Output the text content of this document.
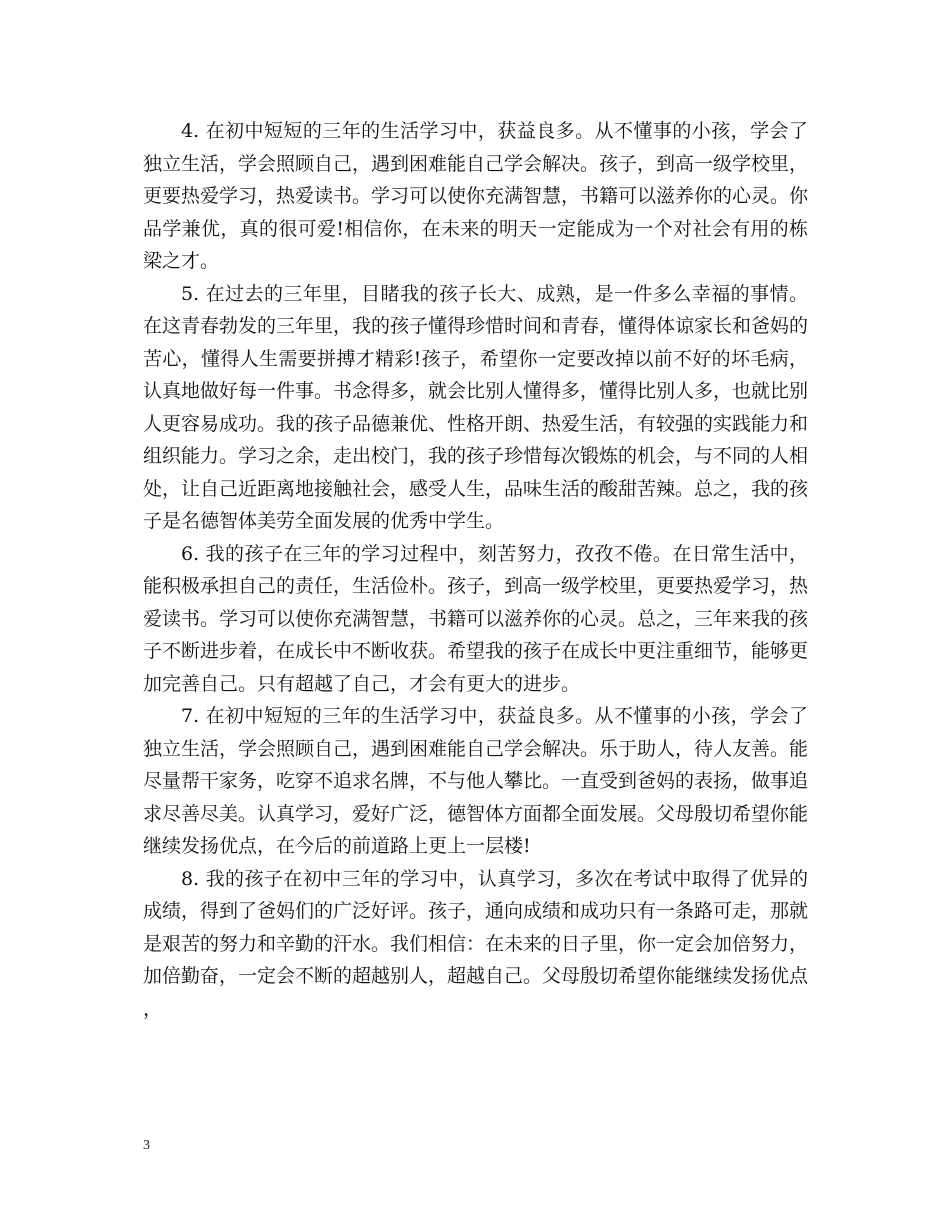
4. 在初中短短的三年的生活学习中，获益良多。从不懂事的小孩，学会了独立生活，学会照顾自己，遇到困难能自己学会解决。孩子，到高一级学校里，更要热爱学习，热爱读书。学习可以使你充满智慧，书籍可以滋养你的心灵。你品学兼优，真的很可爱!相信你，在未来的明天一定能成为一个对社会有用的栋梁之才。

5. 在过去的三年里，目睹我的孩子长大、成熟，是一件多么幸福的事情。在这青春勃发的三年里，我的孩子懂得珍惜时间和青春，懂得体谅家长和爸妈的苦心，懂得人生需要拼搏才精彩!孩子，希望你一定要改掉以前不好的坏毛病，认真地做好每一件事。书念得多，就会比别人懂得多，懂得比别人多，也就比别人更容易成功。我的孩子品德兼优、性格开朗、热爱生活，有较强的实践能力和组织能力。学习之余，走出校门，我的孩子珍惜每次锻炼的机会，与不同的人相处，让自己近距离地接触社会，感受人生，品味生活的酸甜苦辣。总之，我的孩子是名德智体美劳全面发展的优秀中学生。

6. 我的孩子在三年的学习过程中，刻苦努力，孜孜不倦。在日常生活中，能积极承担自己的责任，生活俭朴。孩子，到高一级学校里，更要热爱学习，热爱读书。学习可以使你充满智慧，书籍可以滋养你的心灵。总之，三年来我的孩子不断进步着，在成长中不断收获。希望我的孩子在成长中更注重细节，能够更加完善自己。只有超越了自己，才会有更大的进步。

7. 在初中短短的三年的生活学习中，获益良多。从不懂事的小孩，学会了独立生活，学会照顾自己，遇到困难能自己学会解决。乐于助人，待人友善。能尽量帮干家务，吃穿不追求名牌，不与他人攀比。一直受到爸妈的表扬，做事追求尽善尽美。认真学习，爱好广泛，德智体方面都全面发展。父母殷切希望你能继续发扬优点，在今后的前道路上更上一层楼!

8. 我的孩子在初中三年的学习中，认真学习，多次在考试中取得了优异的成绩，得到了爸妈们的广泛好评。孩子，通向成绩和成功只有一条路可走，那就是艰苦的努力和辛勤的汗水。我们相信：在未来的日子里，你一定会加倍努力，加倍勤奋，一定会不断的超越别人，超越自己。父母殷切希望你能继续发扬优点，

3
